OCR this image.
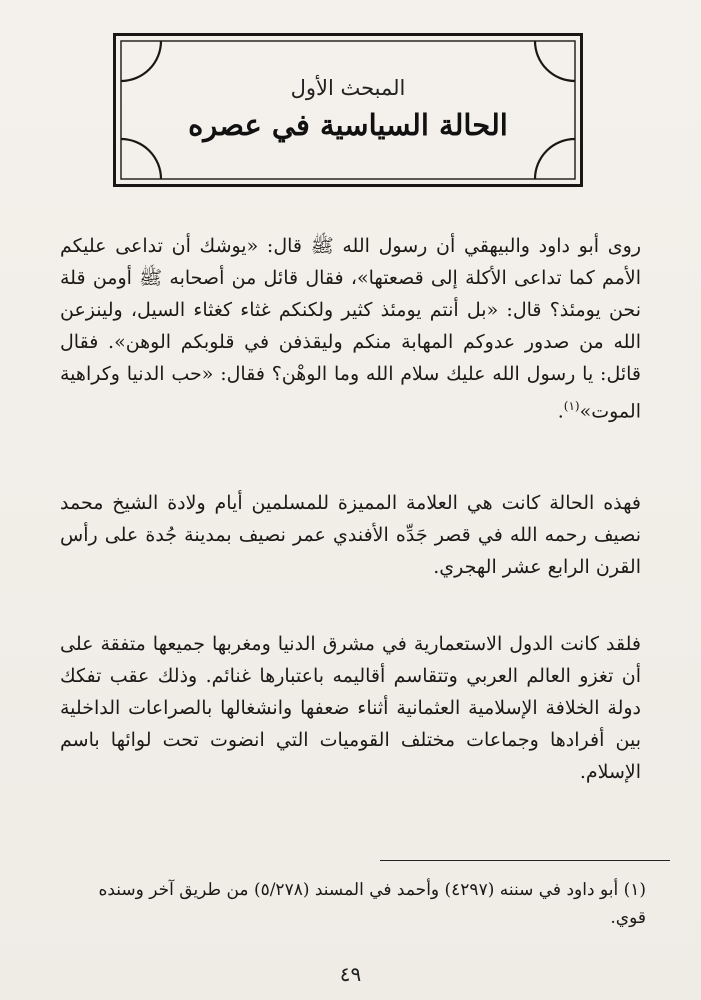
المبحث الأول
الحالة السياسية في عصره

روى أبو داود والبيهقي أن رسول الله ﷺ قال: «يوشك أن تداعى عليكم الأمم كما تداعى الأكلة إلى قصعتها»، فقال قائل من أصحابه ﷺ أومن قلة نحن يومئذ؟ قال: «بل أنتم يومئذ كثير ولكنكم غثاء كغثاء السيل، ولينزعن الله من صدور عدوكم المهابة منكم وليقذفن في قلوبكم الوهن». فقال قائل: يا رسول الله عليك سلام الله وما الوهْن؟ فقال: «حب الدنيا وكراهية الموت»$^{(١)}$.

فهذه الحالة كانت هي العلامة المميزة للمسلمين أيام ولادة الشيخ محمد نصيف رحمه الله في قصر جَدِّه الأفندي عمر نصيف بمدينة جُدة على رأس القرن الرابع عشر الهجري.

فلقد كانت الدول الاستعمارية في مشرق الدنيا ومغربها جميعها متفقة على أن تغزو العالم العربي وتتقاسم أقاليمه باعتبارها غنائم. وذلك عقب تفكك دولة الخلافة الإسلامية العثمانية أثناء ضعفها وانشغالها بالصراعات الداخلية بين أفرادها وجماعات مختلف القوميات التي انضوت تحت لوائها باسم الإسلام.

(١) أبو داود في سننه (٤٢٩٧) وأحمد في المسند (٥/٢٧٨) من طريق آخر وسنده قوي.
٤٩
